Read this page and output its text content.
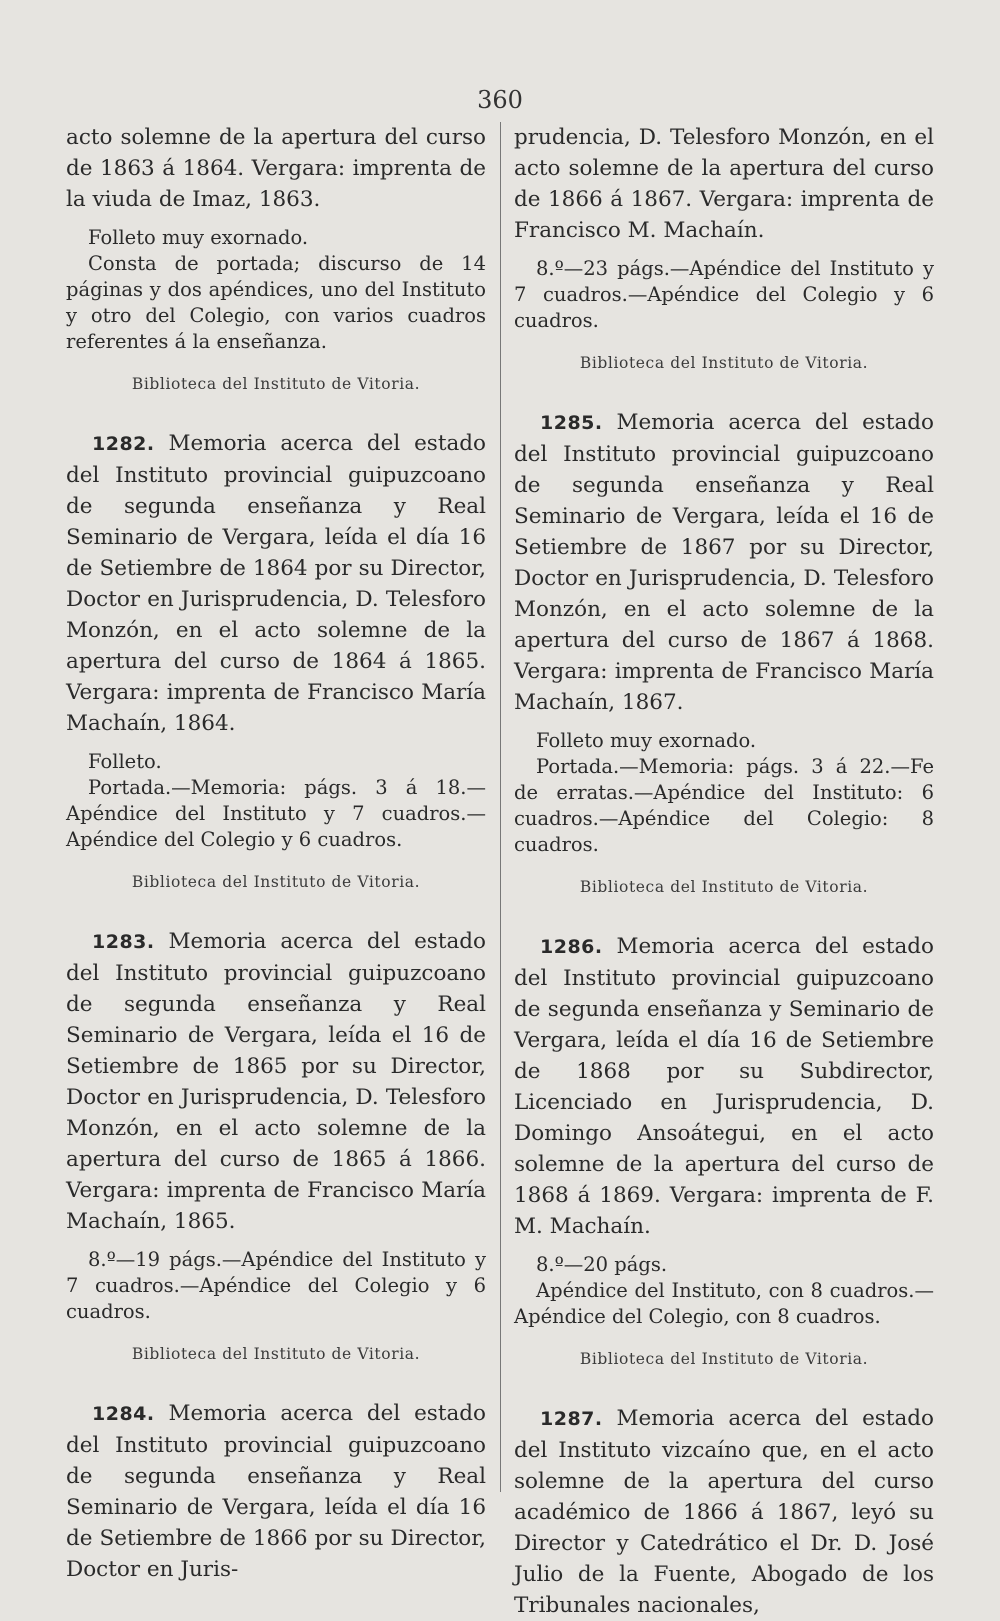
360

acto solemne de la apertura del curso de 1863 á 1864. Vergara: imprenta de la viuda de Imaz, 1863.

Folleto muy exornado.
Consta de portada; discurso de 14 páginas y dos apéndices, uno del Instituto y otro del Colegio, con varios cuadros referentes á la enseñanza.

Biblioteca del Instituto de Vitoria.

1282. Memoria acerca del estado del Instituto provincial guipuzcoano de segunda enseñanza y Real Seminario de Vergara, leída el día 16 de Setiembre de 1864 por su Director, Doctor en Jurisprudencia, D. Telesforo Monzón, en el acto solemne de la apertura del curso de 1864 á 1865. Vergara: imprenta de Francisco María Machaín, 1864.

Folleto.
Portada.—Memoria: págs. 3 á 18.—Apéndice del Instituto y 7 cuadros.—Apéndice del Colegio y 6 cuadros.

Biblioteca del Instituto de Vitoria.

1283. Memoria acerca del estado del Instituto provincial guipuzcoano de segunda enseñanza y Real Seminario de Vergara, leída el 16 de Setiembre de 1865 por su Director, Doctor en Jurisprudencia, D. Telesforo Monzón, en el acto solemne de la apertura del curso de 1865 á 1866. Vergara: imprenta de Francisco María Machaín, 1865.

8.º—19 págs.—Apéndice del Instituto y 7 cuadros.—Apéndice del Colegio y 6 cuadros.

Biblioteca del Instituto de Vitoria.

1284. Memoria acerca del estado del Instituto provincial guipuzcoano de segunda enseñanza y Real Seminario de Vergara, leída el día 16 de Setiembre de 1866 por su Director, Doctor en Juris-

prudencia, D. Telesforo Monzón, en el acto solemne de la apertura del curso de 1866 á 1867. Vergara: imprenta de Francisco M. Machaín.

8.º—23 págs.—Apéndice del Instituto y 7 cuadros.—Apéndice del Colegio y 6 cuadros.

Biblioteca del Instituto de Vitoria.

1285. Memoria acerca del estado del Instituto provincial guipuzcoano de segunda enseñanza y Real Seminario de Vergara, leída el 16 de Setiembre de 1867 por su Director, Doctor en Jurisprudencia, D. Telesforo Monzón, en el acto solemne de la apertura del curso de 1867 á 1868. Vergara: imprenta de Francisco María Machaín, 1867.

Folleto muy exornado.
Portada.—Memoria: págs. 3 á 22.—Fe de erratas.—Apéndice del Instituto: 6 cuadros.—Apéndice del Colegio: 8 cuadros.

Biblioteca del Instituto de Vitoria.

1286. Memoria acerca del estado del Instituto provincial guipuzcoano de segunda enseñanza y Seminario de Vergara, leída el día 16 de Setiembre de 1868 por su Subdirector, Licenciado en Jurisprudencia, D. Domingo Ansoátegui, en el acto solemne de la apertura del curso de 1868 á 1869. Vergara: imprenta de F. M. Machaín.

8.º—20 págs.
Apéndice del Instituto, con 8 cuadros.—Apéndice del Colegio, con 8 cuadros.

Biblioteca del Instituto de Vitoria.

1287. Memoria acerca del estado del Instituto vizcaíno que, en el acto solemne de la apertura del curso académico de 1866 á 1867, leyó su Director y Catedrático el Dr. D. José Julio de la Fuente, Abogado de los Tribunales nacionales,
